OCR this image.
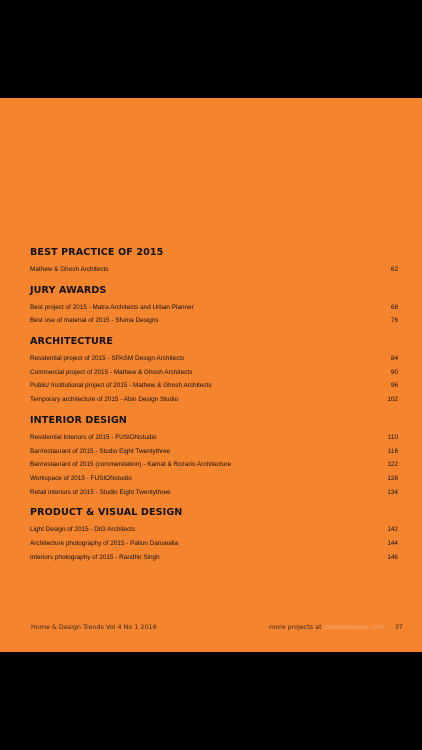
BEST PRACTICE OF 2015
Mathew & Ghosh Architects	62
JURY AWARDS
Best project of 2015 - Matra Architects and Urban Planner	68
Best use of material of 2015 - Sfuma Designs	76
ARCHITECTURE
Residential project of 2015 - SPASM Design Architects	84
Commercial project of 2015 - Mathew & Ghosh Architects	90
Public/ Institutional project of 2015 - Mathew & Ghosh Architects	96
Temporary architecture of 2015 - Abin Design Studio	102
INTERIOR DESIGN
Residential Interiors of 2015 - FUSIONstudio	110
Bar/restaurant of 2015 - Studio Eight Twentythree	116
Bar/restaurant of 2015 (commendation) - Kamat & Rozario Architecture	122
Workspace of 2015 - FUSIONstudio	128
Retail interiors of 2015 - Studio Eight Twentythree	134
PRODUCT & VISUAL DESIGN
Light Design of 2015 - DIG Architects	142
Architecture photography of 2015 - Pallon Daruwalla	144
Interiors photography of 2015 - Randhir Singh	146
Home & Design Trends Vol 4 No 1 2016	more projects at cherishdesign.com 37
